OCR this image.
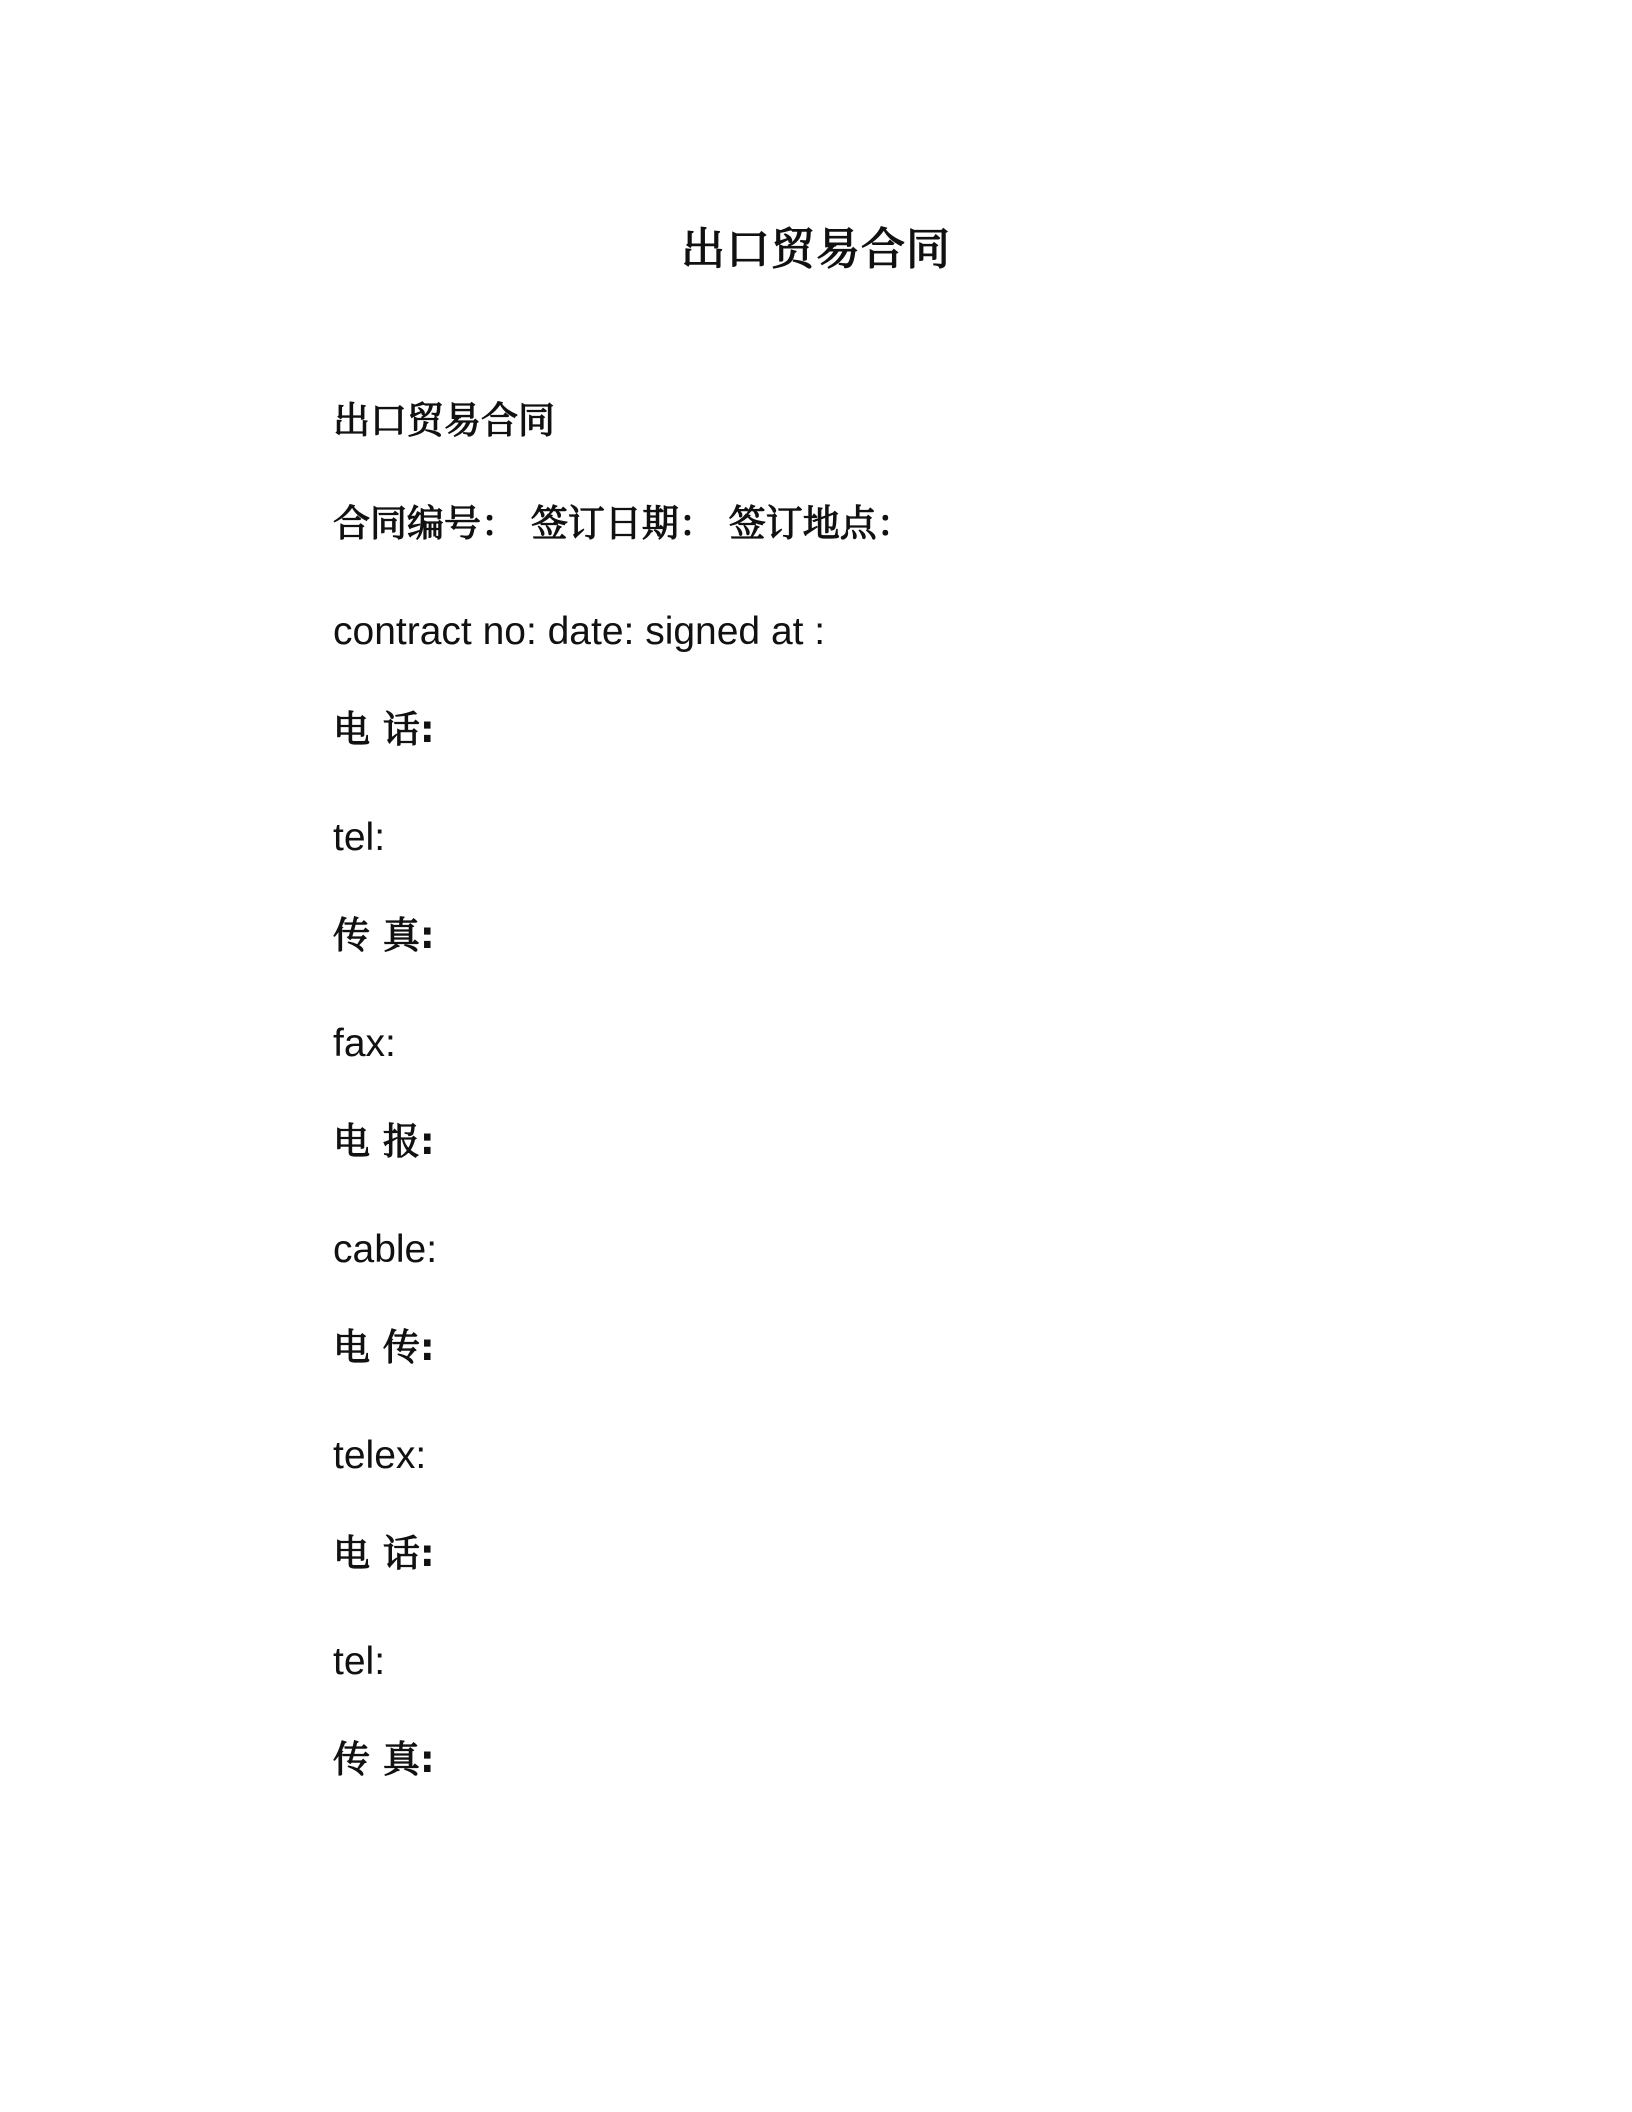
出口贸易合同
出口贸易合同
合同编号： 签订日期： 签订地点：
contract no: date: signed at :
电 话:
tel:
传 真:
fax:
电 报:
cable:
电 传:
telex:
电 话:
tel:
传 真:
